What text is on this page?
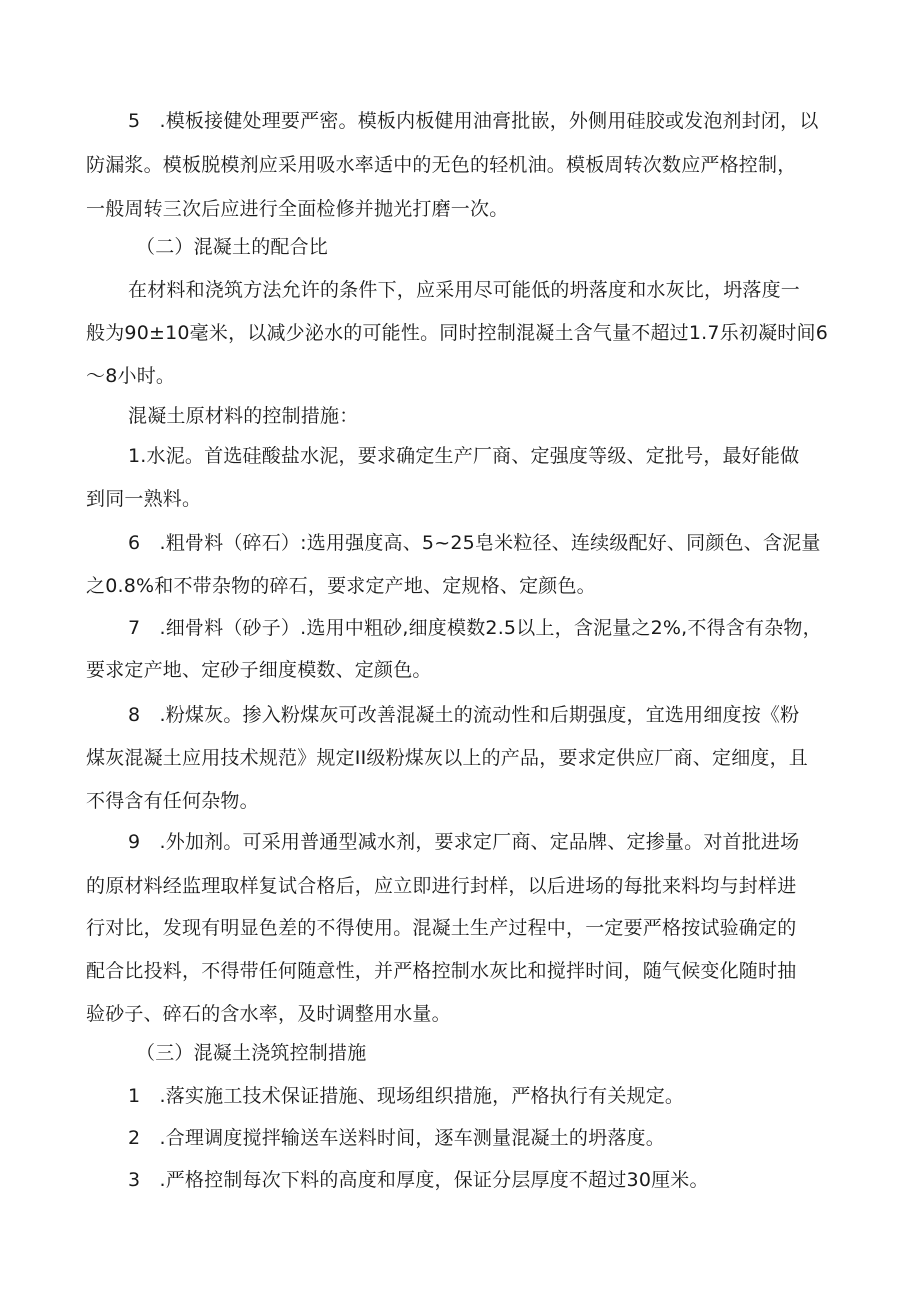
5 .模板接健处理要严密。模板内板健用油膏批嵌，外侧用硅胶或发泡剂封闭，以
防漏浆。模板脱模剂应采用吸水率适中的无色的轻机油。模板周转次数应严格控制，
一般周转三次后应进行全面检修并抛光打磨一次。
（二）混凝土的配合比
在材料和浇筑方法允许的条件下，应采用尽可能低的坍落度和水灰比，坍落度一
般为90±10毫米，以减少泌水的可能性。同时控制混凝土含气量不超过1.7乐初凝时间6
〜8小时。
混凝土原材料的控制措施：
1.水泥。首选硅酸盐水泥，要求确定生产厂商、定强度等级、定批号，最好能做
到同一熟料。
6 .粗骨料（碎石）:选用强度高、5~25皂米粒径、连续级配好、同颜色、含泥量
之0.8%和不带杂物的碎石，要求定产地、定规格、定颜色。
7 .细骨料（砂子）.选用中粗砂,细度模数2.5以上，含泥量之2%,不得含有杂物，
要求定产地、定砂子细度模数、定颜色。
8 .粉煤灰。掺入粉煤灰可改善混凝土的流动性和后期强度，宜选用细度按《粉
煤灰混凝土应用技术规范》规定II级粉煤灰以上的产品，要求定供应厂商、定细度，且
不得含有任何杂物。
9 .外加剂。可采用普通型减水剂，要求定厂商、定品牌、定掺量。对首批进场
的原材料经监理取样复试合格后，应立即进行封样，以后进场的每批来料均与封样进
行对比，发现有明显色差的不得使用。混凝土生产过程中，一定要严格按试验确定的
配合比投料，不得带任何随意性，并严格控制水灰比和搅拌时间，随气候变化随时抽
验砂子、碎石的含水率，及时调整用水量。
（三）混凝土浇筑控制措施
1 .落实施工技术保证措施、现场组织措施，严格执行有关规定。
2 .合理调度搅拌输送车送料时间，逐车测量混凝土的坍落度。
3 .严格控制每次下料的高度和厚度，保证分层厚度不超过30厘米。
